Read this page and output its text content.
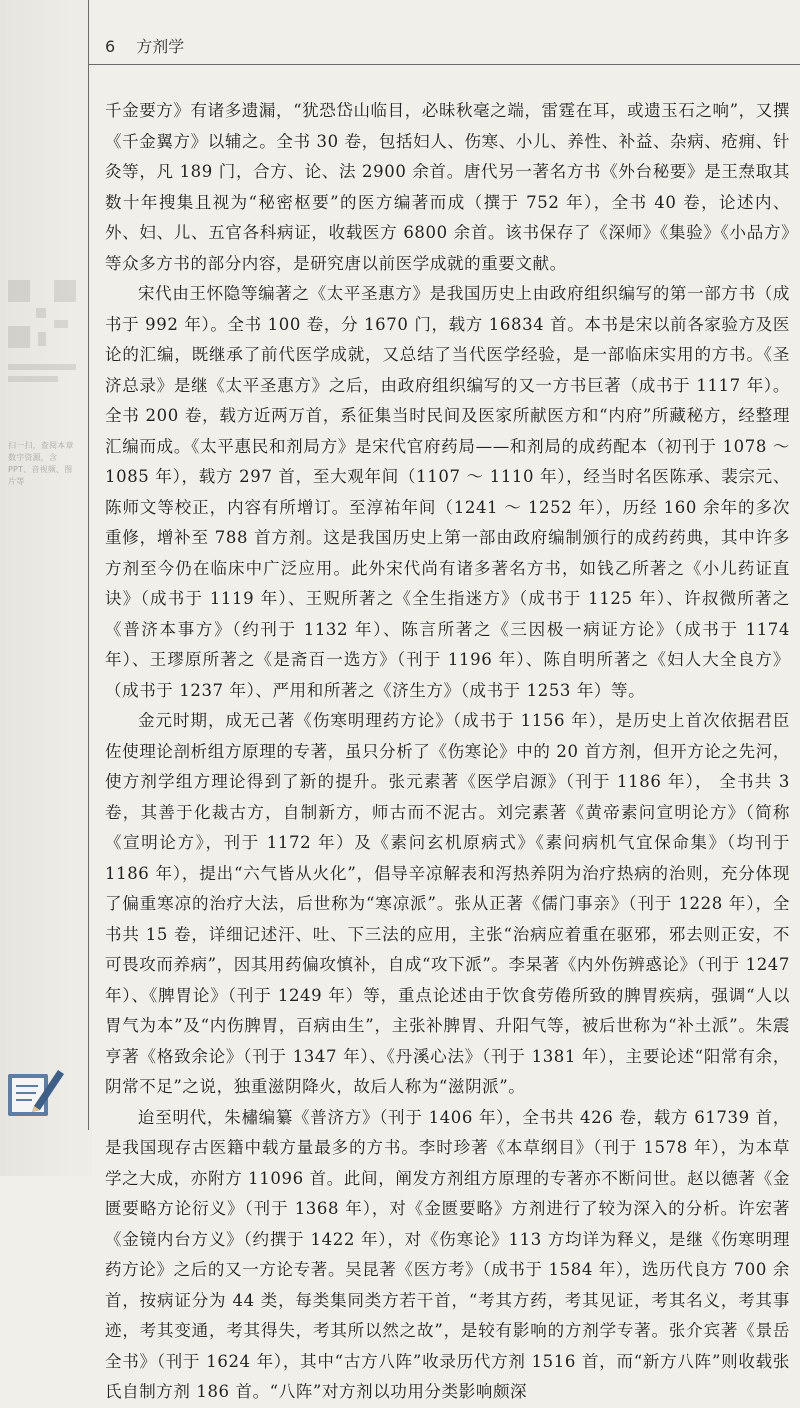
扫一扫，查阅本章数字资源，含PPT、音视频、图片等
6 方剂学

千金要方》有诸多遗漏，“犹恐岱山临目，必昧秋毫之端，雷霆在耳，或遗玉石之响”，又撰《千金翼方》以辅之。全书 30 卷，包括妇人、伤寒、小儿、养性、补益、杂病、疮痈、针灸等，凡 189 门，合方、论、法 2900 余首。唐代另一著名方书《外台秘要》是王焘取其数十年搜集且视为“秘密枢要”的医方编著而成（撰于 752 年），全书 40 卷，论述内、外、妇、儿、五官各科病证，收载医方 6800 余首。该书保存了《深师》《集验》《小品方》等众多方书的部分内容，是研究唐以前医学成就的重要文献。

宋代由王怀隐等编著之《太平圣惠方》是我国历史上由政府组织编写的第一部方书（成书于 992 年）。全书 100 卷，分 1670 门，载方 16834 首。本书是宋以前各家验方及医论的汇编，既继承了前代医学成就，又总结了当代医学经验，是一部临床实用的方书。《圣济总录》是继《太平圣惠方》之后，由政府组织编写的又一方书巨著（成书于 1117 年）。全书 200 卷，载方近两万首，系征集当时民间及医家所献医方和“内府”所藏秘方，经整理汇编而成。《太平惠民和剂局方》是宋代官府药局——和剂局的成药配本（初刊于 1078 ～ 1085 年），载方 297 首，至大观年间（1107 ～ 1110 年），经当时名医陈承、裴宗元、陈师文等校正，内容有所增订。至淳祐年间（1241 ～ 1252 年），历经 160 余年的多次重修，增补至 788 首方剂。这是我国历史上第一部由政府编制颁行的成药药典，其中许多方剂至今仍在临床中广泛应用。此外宋代尚有诸多著名方书，如钱乙所著之《小儿药证直诀》（成书于 1119 年）、王贶所著之《全生指迷方》（成书于 1125 年）、许叔微所著之《普济本事方》（约刊于 1132 年）、陈言所著之《三因极一病证方论》（成书于 1174 年）、王璆原所著之《是斋百一选方》（刊于 1196 年）、陈自明所著之《妇人大全良方》（成书于 1237 年）、严用和所著之《济生方》（成书于 1253 年）等。

金元时期，成无己著《伤寒明理药方论》（成书于 1156 年），是历史上首次依据君臣佐使理论剖析组方原理的专著，虽只分析了《伤寒论》中的 20 首方剂，但开方论之先河，使方剂学组方理论得到了新的提升。张元素著《医学启源》（刊于 1186 年）， 全书共 3 卷，其善于化裁古方，自制新方，师古而不泥古。刘完素著《黄帝素问宣明论方》（简称《宣明论方》，刊于 1172 年）及《素问玄机原病式》《素问病机气宜保命集》（均刊于 1186 年），提出“六气皆从火化”，倡导辛凉解表和泻热养阴为治疗热病的治则，充分体现了偏重寒凉的治疗大法，后世称为“寒凉派”。张从正著《儒门事亲》（刊于 1228 年），全书共 15 卷，详细记述汗、吐、下三法的应用，主张“治病应着重在驱邪，邪去则正安，不可畏攻而养病”，因其用药偏攻慎补，自成“攻下派”。李杲著《内外伤辨惑论》（刊于 1247 年）、《脾胃论》（刊于 1249 年）等，重点论述由于饮食劳倦所致的脾胃疾病，强调“人以胃气为本”及“内伤脾胃，百病由生”，主张补脾胃、升阳气等，被后世称为“补土派”。朱震亨著《格致余论》（刊于 1347 年）、《丹溪心法》（刊于 1381 年），主要论述“阳常有余，阴常不足”之说，独重滋阴降火，故后人称为“滋阴派”。

迨至明代，朱橚编纂《普济方》（刊于 1406 年），全书共 426 卷，载方 61739 首，是我国现存古医籍中载方量最多的方书。李时珍著《本草纲目》（刊于 1578 年），为本草学之大成，亦附方 11096 首。此间，阐发方剂组方原理的专著亦不断问世。赵以德著《金匮要略方论衍义》（刊于 1368 年），对《金匮要略》方剂进行了较为深入的分析。许宏著《金镜内台方义》（约撰于 1422 年），对《伤寒论》113 方均详为释义，是继《伤寒明理药方论》之后的又一方论专著。吴昆著《医方考》（成书于 1584 年），选历代良方 700 余首，按病证分为 44 类，每类集同类方若干首，“考其方药，考其见证，考其名义，考其事迹，考其变通，考其得失，考其所以然之故”，是较有影响的方剂学专著。张介宾著《景岳全书》（刊于 1624 年），其中“古方八阵”收录历代方剂 1516 首，而“新方八阵”则收载张氏自制方剂 186 首。“八阵”对方剂以功用分类影响颇深
